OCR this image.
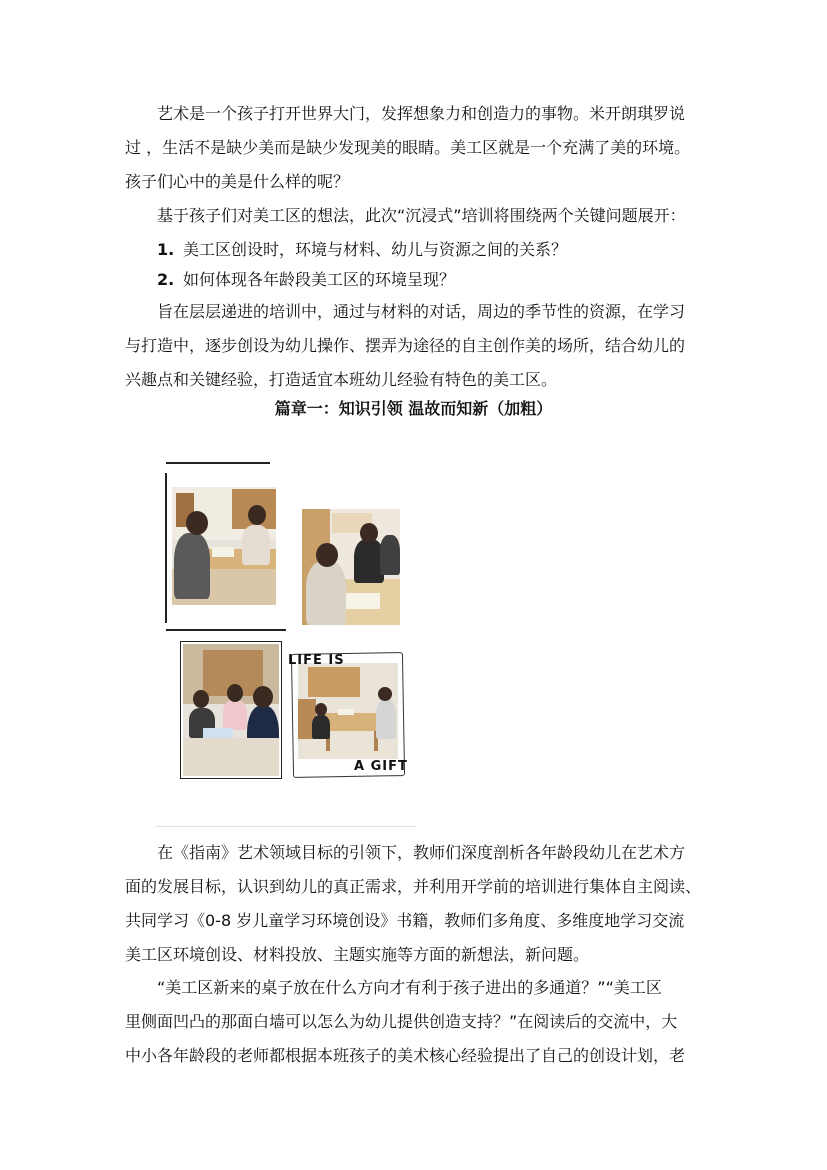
艺术是一个孩子打开世界大门，发挥想象力和创造力的事物。米开朗琪罗说
过 ，生活不是缺少美而是缺少发现美的眼睛。美工区就是一个充满了美的环境。
孩子们心中的美是什么样的呢？
基于孩子们对美工区的想法，此次“沉浸式”培训将围绕两个关键问题展开：
1. 美工区创设时，环境与材料、幼儿与资源之间的关系？
2. 如何体现各年龄段美工区的环境呈现？
旨在层层递进的培训中，通过与材料的对话，周边的季节性的资源，在学习
与打造中，逐步创设为幼儿操作、摆弄为途径的自主创作美的场所，结合幼儿的
兴趣点和关键经验，打造适宜本班幼儿经验有特色的美工区。
篇章一：知识引领 温故而知新（加粗）
LIFE IS
A GIFT
在《指南》艺术领域目标的引领下，教师们深度剖析各年龄段幼儿在艺术方
面的发展目标，认识到幼儿的真正需求，并利用开学前的培训进行集体自主阅读、
共同学习《0-8 岁儿童学习环境创设》书籍，教师们多角度、多维度地学习交流
美工区环境创设、材料投放、主题实施等方面的新想法，新问题。
“美工区新来的桌子放在什么方向才有利于孩子进出的多通道？”“美工区
里侧面凹凸的那面白墙可以怎么为幼儿提供创造支持？”在阅读后的交流中，大
中小各年龄段的老师都根据本班孩子的美术核心经验提出了自己的创设计划，老
